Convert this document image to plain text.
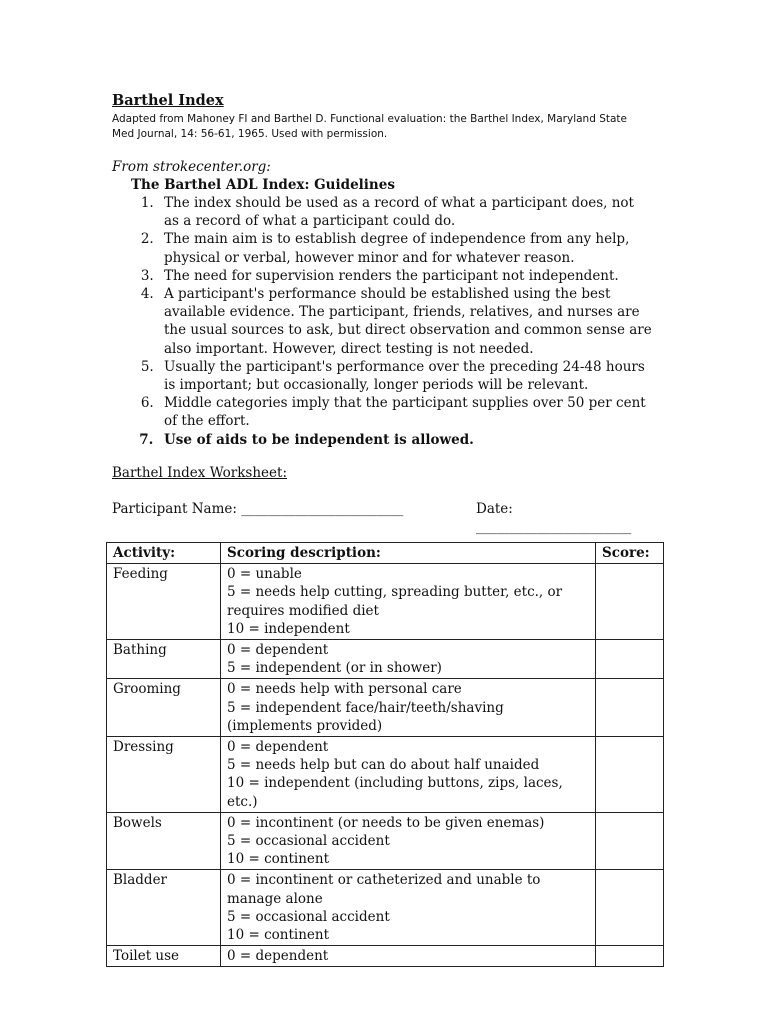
Barthel Index
Adapted from Mahoney FI and Barthel D. Functional evaluation: the Barthel Index, Maryland State Med Journal, 14: 56-61, 1965. Used with permission.
From strokecenter.org:
The Barthel ADL Index: Guidelines
1. The index should be used as a record of what a participant does, not as a record of what a participant could do.
2. The main aim is to establish degree of independence from any help, physical or verbal, however minor and for whatever reason.
3. The need for supervision renders the participant not independent.
4. A participant's performance should be established using the best available evidence. The participant, friends, relatives, and nurses are the usual sources to ask, but direct observation and common sense are also important. However, direct testing is not needed.
5. Usually the participant's performance over the preceding 24-48 hours is important; but occasionally, longer periods will be relevant.
6. Middle categories imply that the participant supplies over 50 per cent of the effort.
7. Use of aids to be independent is allowed.
Barthel Index Worksheet:
Participant Name: ________________________	Date: _______________________
Activity:	Scoring description:	Score:
Feeding	0 = unable
5 = needs help cutting, spreading butter, etc., or requires modified diet
10 = independent	

Bathing	0 = dependent
5 = independent (or in shower)	

Grooming	0 = needs help with personal care
5 = independent face/hair/teeth/shaving (implements provided)	

Dressing	0 = dependent
5 = needs help but can do about half unaided
10 = independent (including buttons, zips, laces, etc.)	

Bowels	0 = incontinent (or needs to be given enemas)
5 = occasional accident
10 = continent	

Bladder	0 = incontinent or catheterized and unable to manage alone
5 = occasional accident
10 = continent	

Toilet use	0 = dependent	
